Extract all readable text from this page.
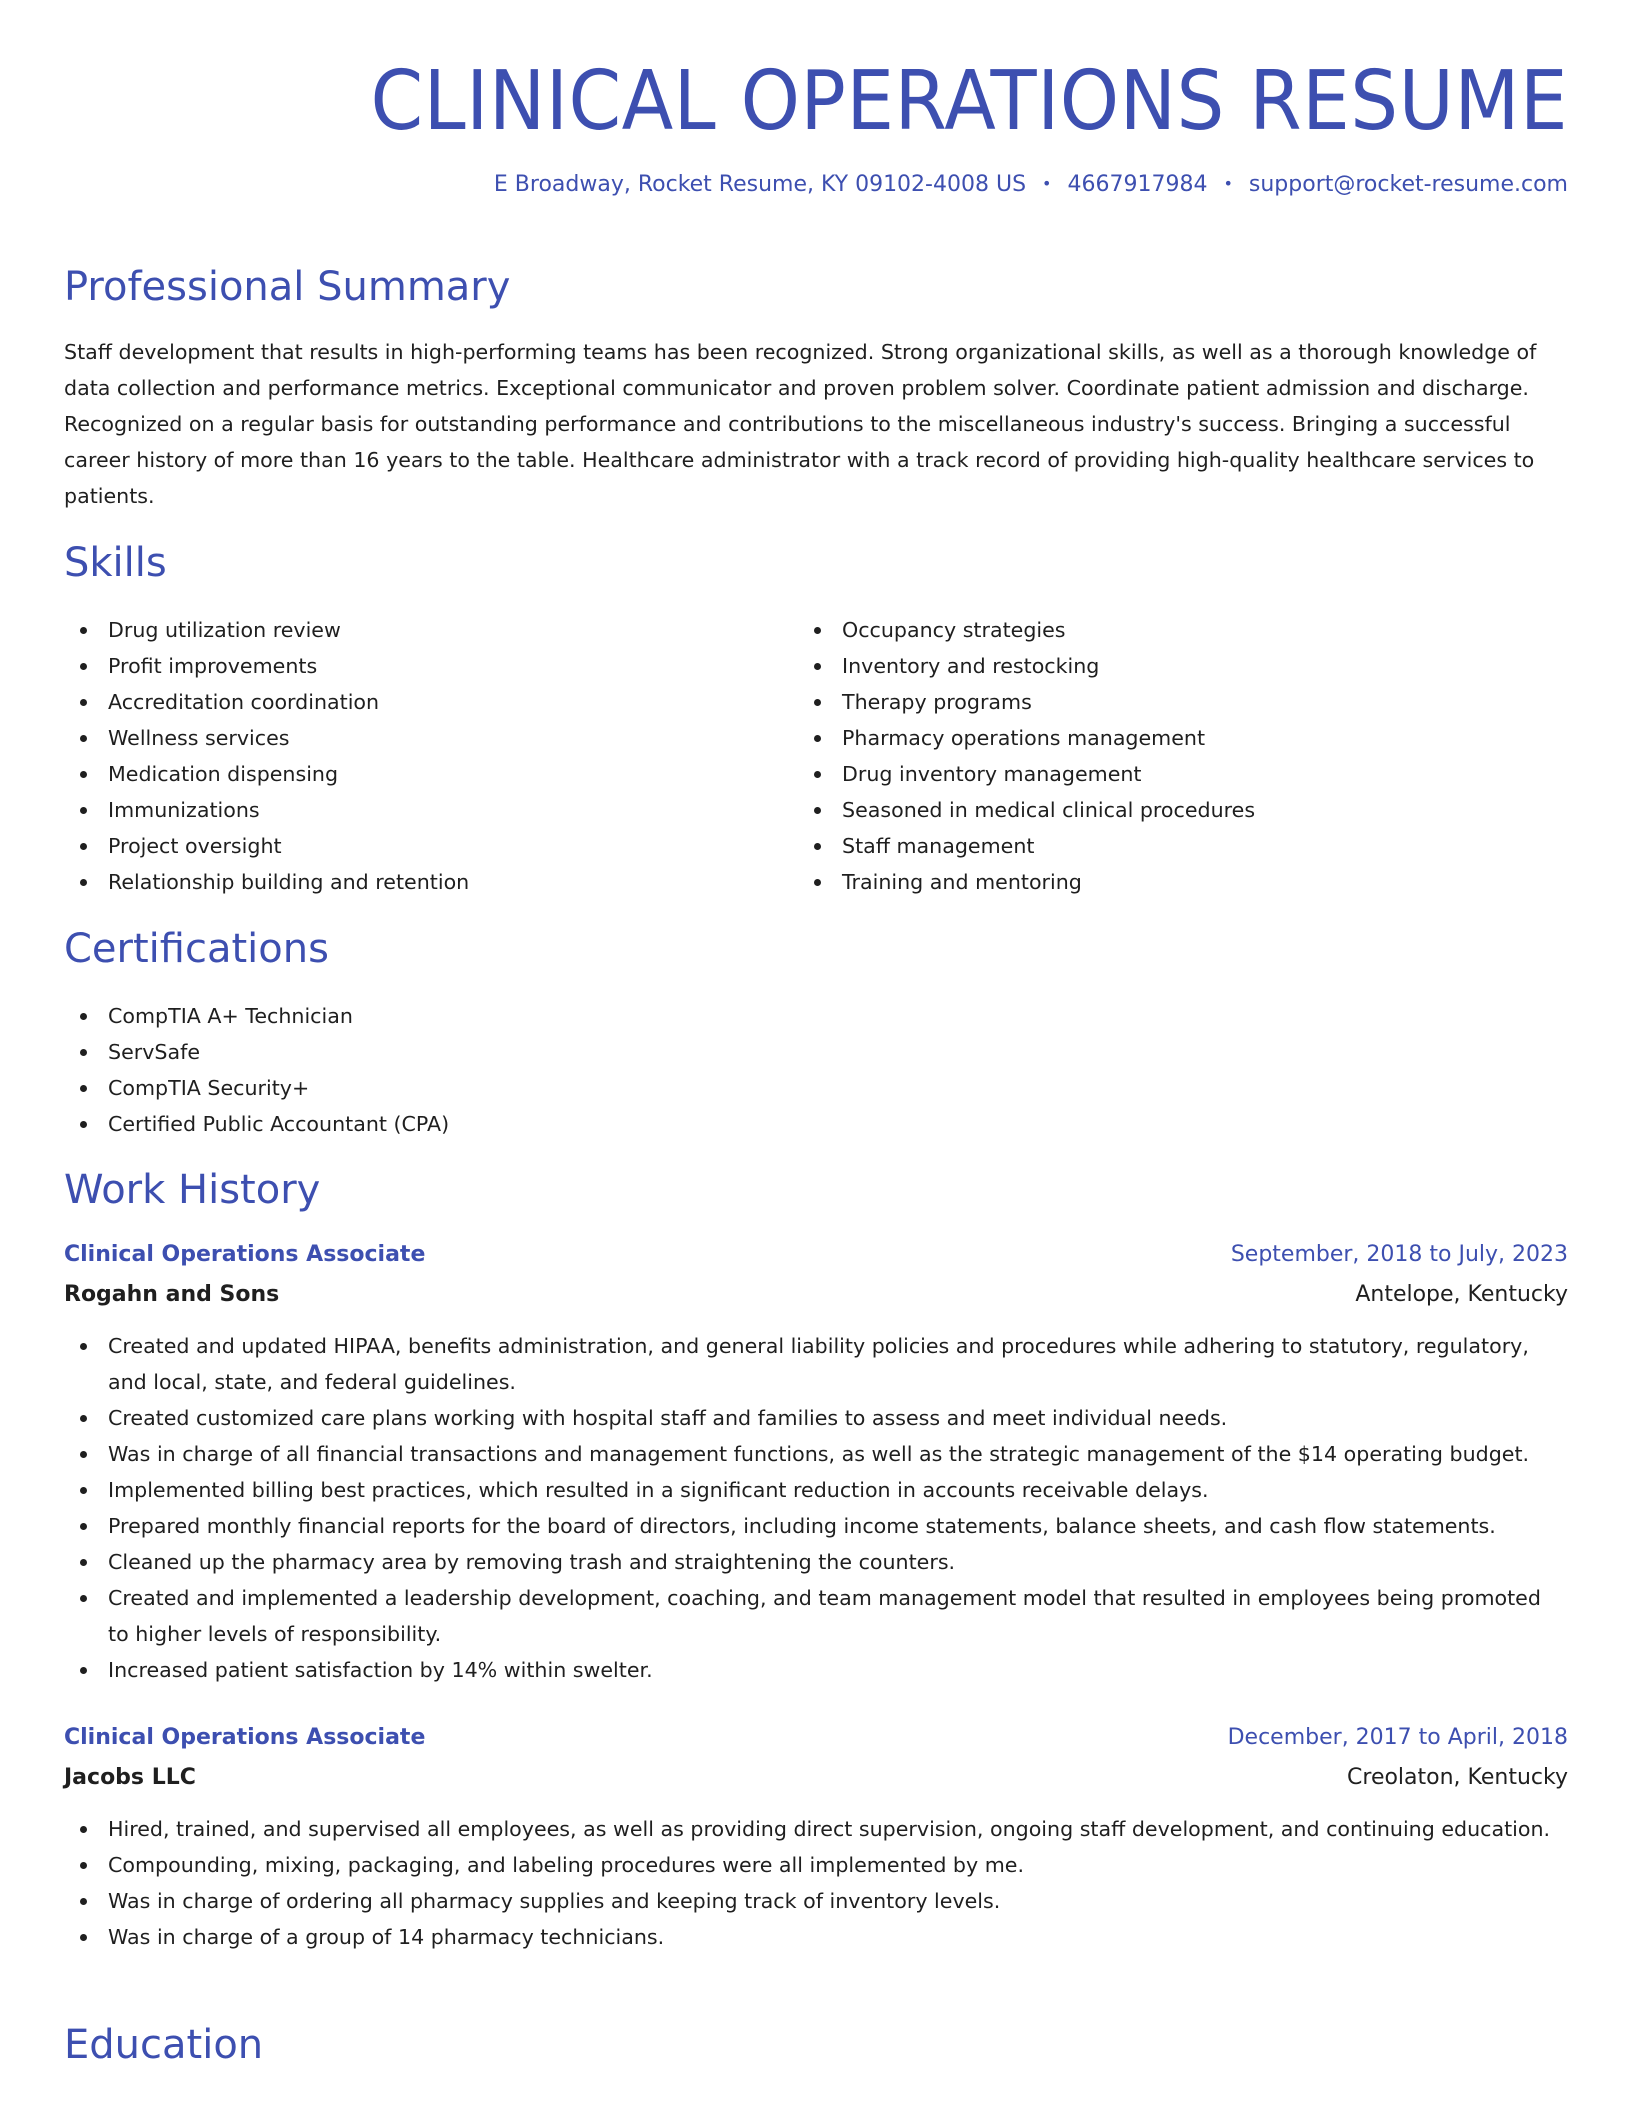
CLINICAL OPERATIONS RESUME
E Broadway, Rocket Resume, KY 09102-4008 US • 4667917984 • support@rocket-resume.com
Professional Summary

Staff development that results in high-performing teams has been recognized. Strong organizational skills, as well as a thorough knowledge of data collection and performance metrics. Exceptional communicator and proven problem solver. Coordinate patient admission and discharge. Recognized on a regular basis for outstanding performance and contributions to the miscellaneous industry's success. Bringing a successful career history of more than 16 years to the table. Healthcare administrator with a track record of providing high-quality healthcare services to patients.

Skills
Drug utilization review
Profit improvements
Accreditation coordination
Wellness services
Medication dispensing
Immunizations
Project oversight
Relationship building and retention
Occupancy strategies
Inventory and restocking
Therapy programs
Pharmacy operations management
Drug inventory management
Seasoned in medical clinical procedures
Staff management
Training and mentoring
Certifications
CompTIA A+ Technician
ServSafe
CompTIA Security+
Certified Public Accountant (CPA)
Work History
Clinical Operations Associate	September, 2018 to July, 2023
Rogahn and Sons	Antelope, Kentucky
Created and updated HIPAA, benefits administration, and general liability policies and procedures while adhering to statutory, regulatory, and local, state, and federal guidelines.
Created customized care plans working with hospital staff and families to assess and meet individual needs.
Was in charge of all financial transactions and management functions, as well as the strategic management of the $14 operating budget.
Implemented billing best practices, which resulted in a significant reduction in accounts receivable delays.
Prepared monthly financial reports for the board of directors, including income statements, balance sheets, and cash flow statements.
Cleaned up the pharmacy area by removing trash and straightening the counters.
Created and implemented a leadership development, coaching, and team management model that resulted in employees being promoted to higher levels of responsibility.
Increased patient satisfaction by 14% within swelter.
Clinical Operations Associate	December, 2017 to April, 2018
Jacobs LLC	Creolaton, Kentucky
Hired, trained, and supervised all employees, as well as providing direct supervision, ongoing staff development, and continuing education.
Compounding, mixing, packaging, and labeling procedures were all implemented by me.
Was in charge of ordering all pharmacy supplies and keeping track of inventory levels.
Was in charge of a group of 14 pharmacy technicians.
Education
